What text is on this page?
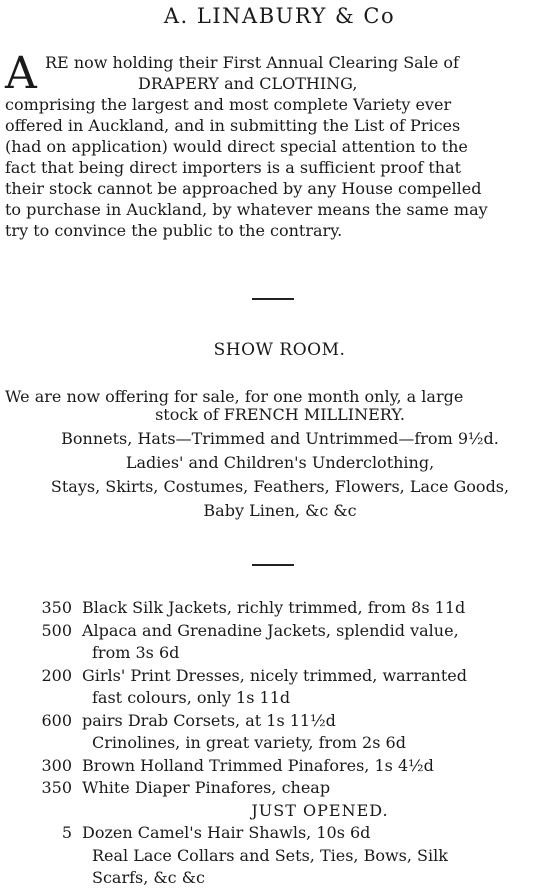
A. LINABURY & Co
A RE now holding their First Annual Clearing Sale of
DRAPERY and CLOTHING,
comprising the largest and most complete Variety ever
offered in Auckland, and in submitting the List of Prices
(had on application) would direct special attention to the
fact that being direct importers is a sufficient proof that
their stock cannot be approached by any House compelled
to purchase in Auckland, by whatever means the same may
try to convince the public to the contrary.
SHOW ROOM.
We are now offering for sale, for one month only, a large
stock of FRENCH MILLINERY.
Bonnets, Hats—Trimmed and Untrimmed—from 9½d.
Ladies' and Children's Underclothing,
Stays, Skirts, Costumes, Feathers, Flowers, Lace Goods,
Baby Linen, &c &c
350 Black Silk Jackets, richly trimmed, from 8s 11d
500 Alpaca and Grenadine Jackets, splendid value,
from 3s 6d
200 Girls' Print Dresses, nicely trimmed, warranted
fast colours, only 1s 11d
600 pairs Drab Corsets, at 1s 11½d
Crinolines, in great variety, from 2s 6d
300 Brown Holland Trimmed Pinafores, 1s 4½d
350 White Diaper Pinafores, cheap
JUST OPENED.
5 Dozen Camel's Hair Shawls, 10s 6d
Real Lace Collars and Sets, Ties, Bows, Silk
Scarfs, &c &c
